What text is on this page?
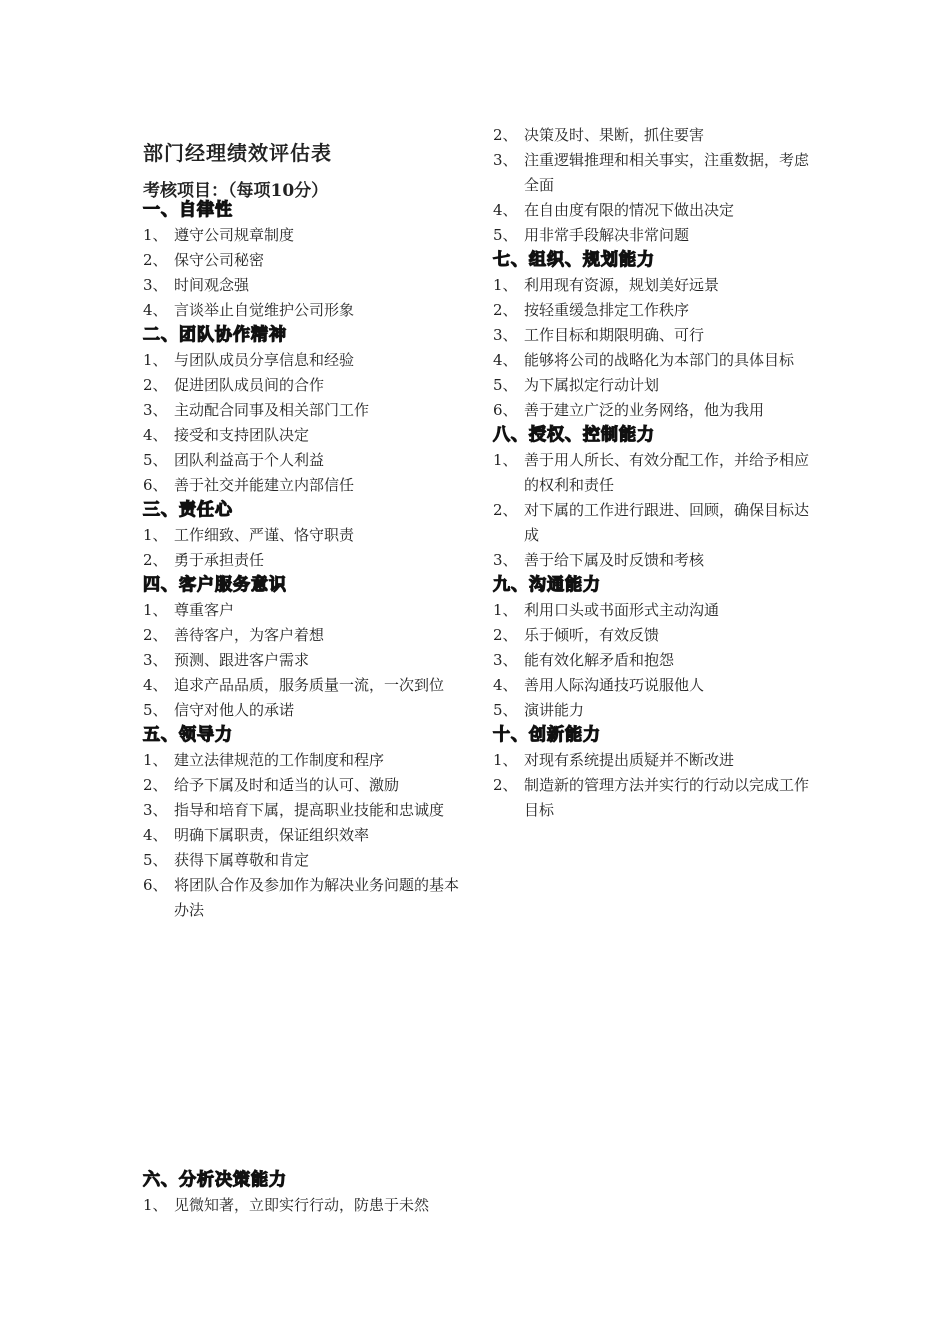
部门经理绩效评估表
考核项目：（每项10分）
一、自律性
1、 遵守公司规章制度
2、 保守公司秘密
3、 时间观念强
4、 言谈举止自觉维护公司形象
二、团队协作精神
1、 与团队成员分享信息和经验
2、 促进团队成员间的合作
3、 主动配合同事及相关部门工作
4、 接受和支持团队决定
5、 团队利益高于个人利益
6、 善于社交并能建立内部信任
三、责任心
1、 工作细致、严谨、恪守职责
2、 勇于承担责任
四、客户服务意识
1、 尊重客户
2、 善待客户，为客户着想
3、 预测、跟进客户需求
4、 追求产品品质，服务质量一流，一次到位
5、 信守对他人的承诺
五、领导力
1、 建立法律规范的工作制度和程序
2、 给予下属及时和适当的认可、激励
3、 指导和培育下属，提高职业技能和忠诚度
4、 明确下属职责，保证组织效率
5、 获得下属尊敬和肯定
6、 将团队合作及参加作为解决业务问题的基本办法
六、分析决策能力
1、 见微知著，立即实行行动，防患于未然
2、 决策及时、果断，抓住要害
3、 注重逻辑推理和相关事实，注重数据，考虑全面
4、 在自由度有限的情况下做出决定
5、 用非常手段解决非常问题
七、组织、规划能力
1、 利用现有资源，规划美好远景
2、 按轻重缓急排定工作秩序
3、 工作目标和期限明确、可行
4、 能够将公司的战略化为本部门的具体目标
5、 为下属拟定行动计划
6、 善于建立广泛的业务网络，他为我用
八、授权、控制能力
1、 善于用人所长、有效分配工作，并给予相应的权利和责任
2、 对下属的工作进行跟进、回顾，确保目标达成
3、 善于给下属及时反馈和考核
九、沟通能力
1、 利用口头或书面形式主动沟通
2、 乐于倾听，有效反馈
3、 能有效化解矛盾和抱怨
4、 善用人际沟通技巧说服他人
5、 演讲能力
十、创新能力
1、 对现有系统提出质疑并不断改进
2、 制造新的管理方法并实行的行动以完成工作目标
